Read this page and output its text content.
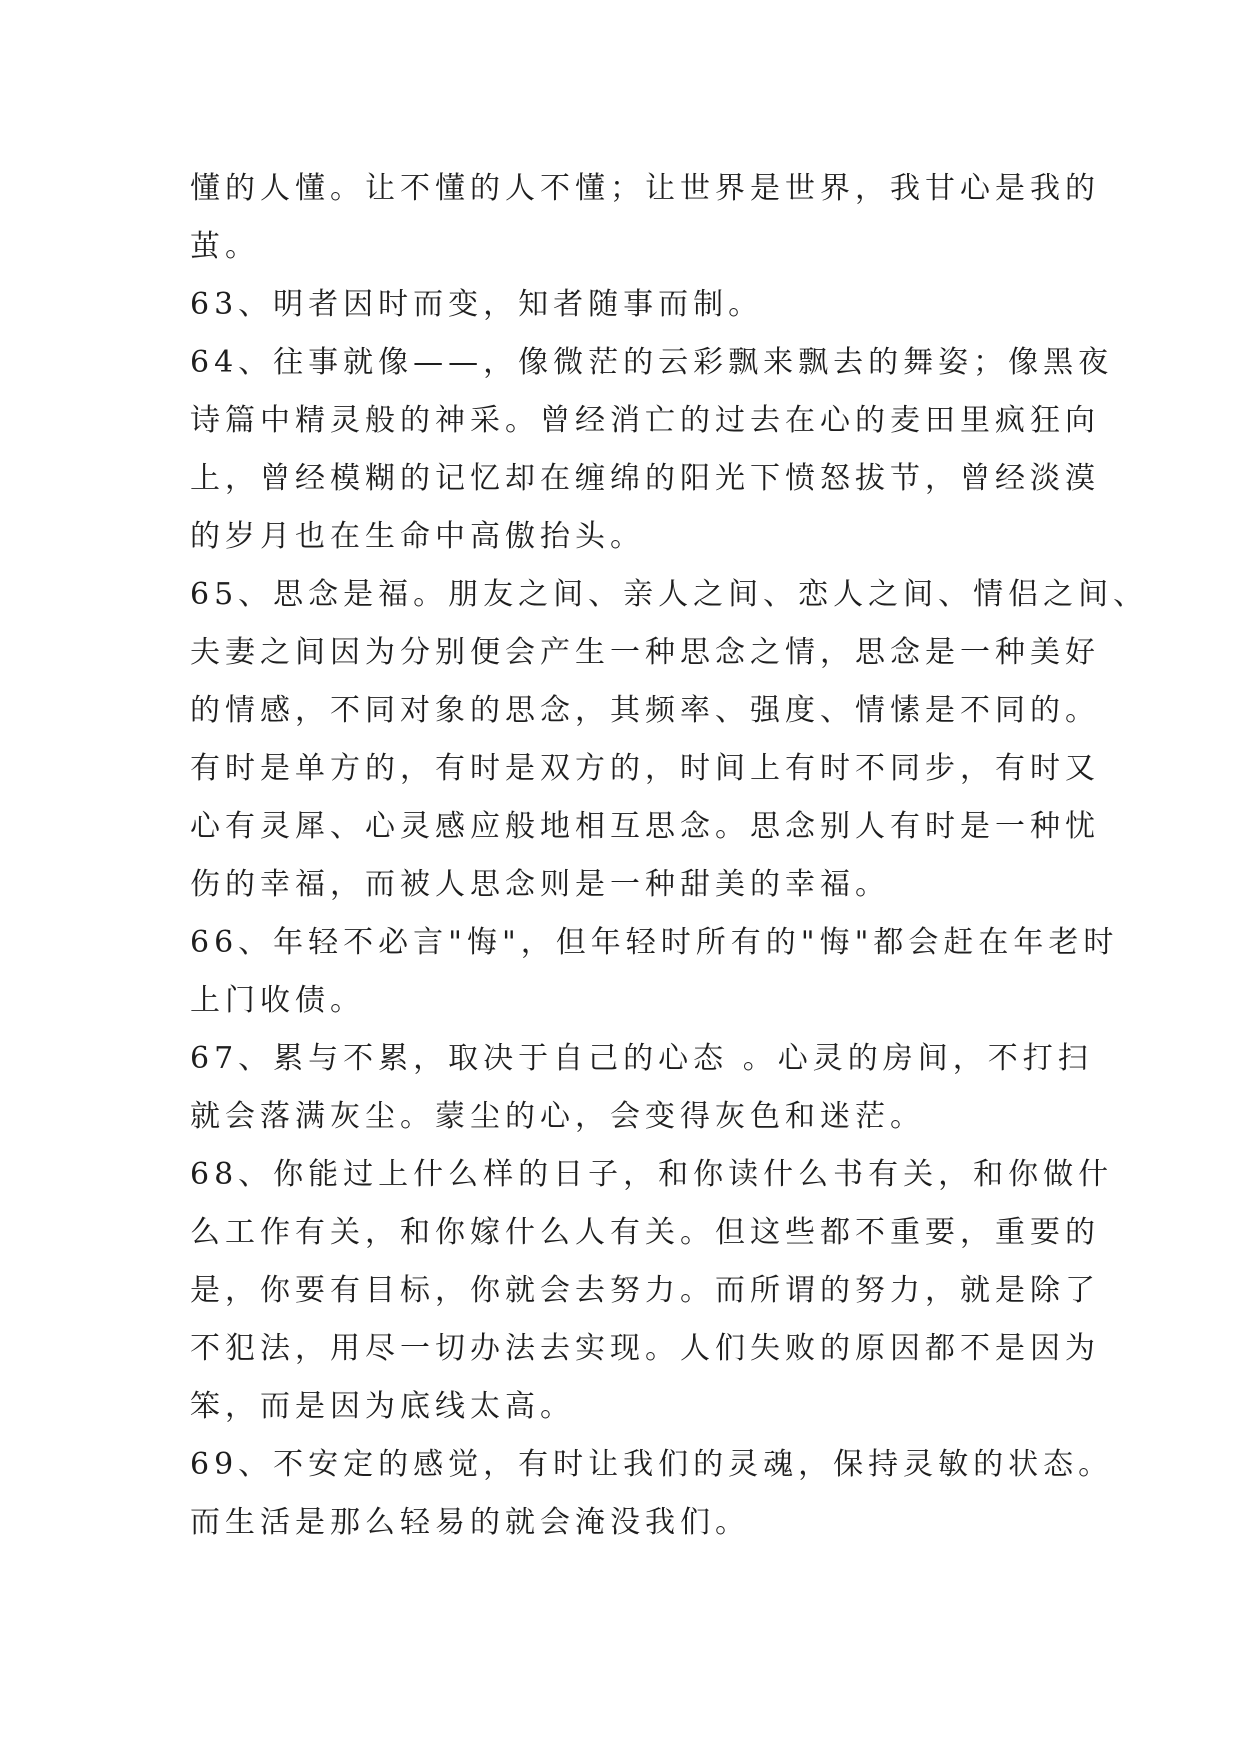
懂的人懂。让不懂的人不懂；让世界是世界，我甘心是我的
茧。
63、明者因时而变，知者随事而制。
64、往事就像——，像微茫的云彩飘来飘去的舞姿；像黑夜
诗篇中精灵般的神采。曾经消亡的过去在心的麦田里疯狂向
上，曾经模糊的记忆却在缠绵的阳光下愤怒拔节，曾经淡漠
的岁月也在生命中高傲抬头。
65、思念是福。朋友之间、亲人之间、恋人之间、情侣之间、
夫妻之间因为分别便会产生一种思念之情，思念是一种美好
的情感，不同对象的思念，其频率、强度、情愫是不同的。
有时是单方的，有时是双方的，时间上有时不同步，有时又
心有灵犀、心灵感应般地相互思念。思念别人有时是一种忧
伤的幸福，而被人思念则是一种甜美的幸福。
66、年轻不必言"悔"，但年轻时所有的"悔"都会赶在年老时
上门收债。
67、累与不累，取决于自己的心态 。心灵的房间，不打扫
就会落满灰尘。蒙尘的心，会变得灰色和迷茫。
68、你能过上什么样的日子，和你读什么书有关，和你做什
么工作有关，和你嫁什么人有关。但这些都不重要，重要的
是，你要有目标，你就会去努力。而所谓的努力，就是除了
不犯法，用尽一切办法去实现。人们失败的原因都不是因为
笨，而是因为底线太高。
69、不安定的感觉，有时让我们的灵魂，保持灵敏的状态。
而生活是那么轻易的就会淹没我们。
